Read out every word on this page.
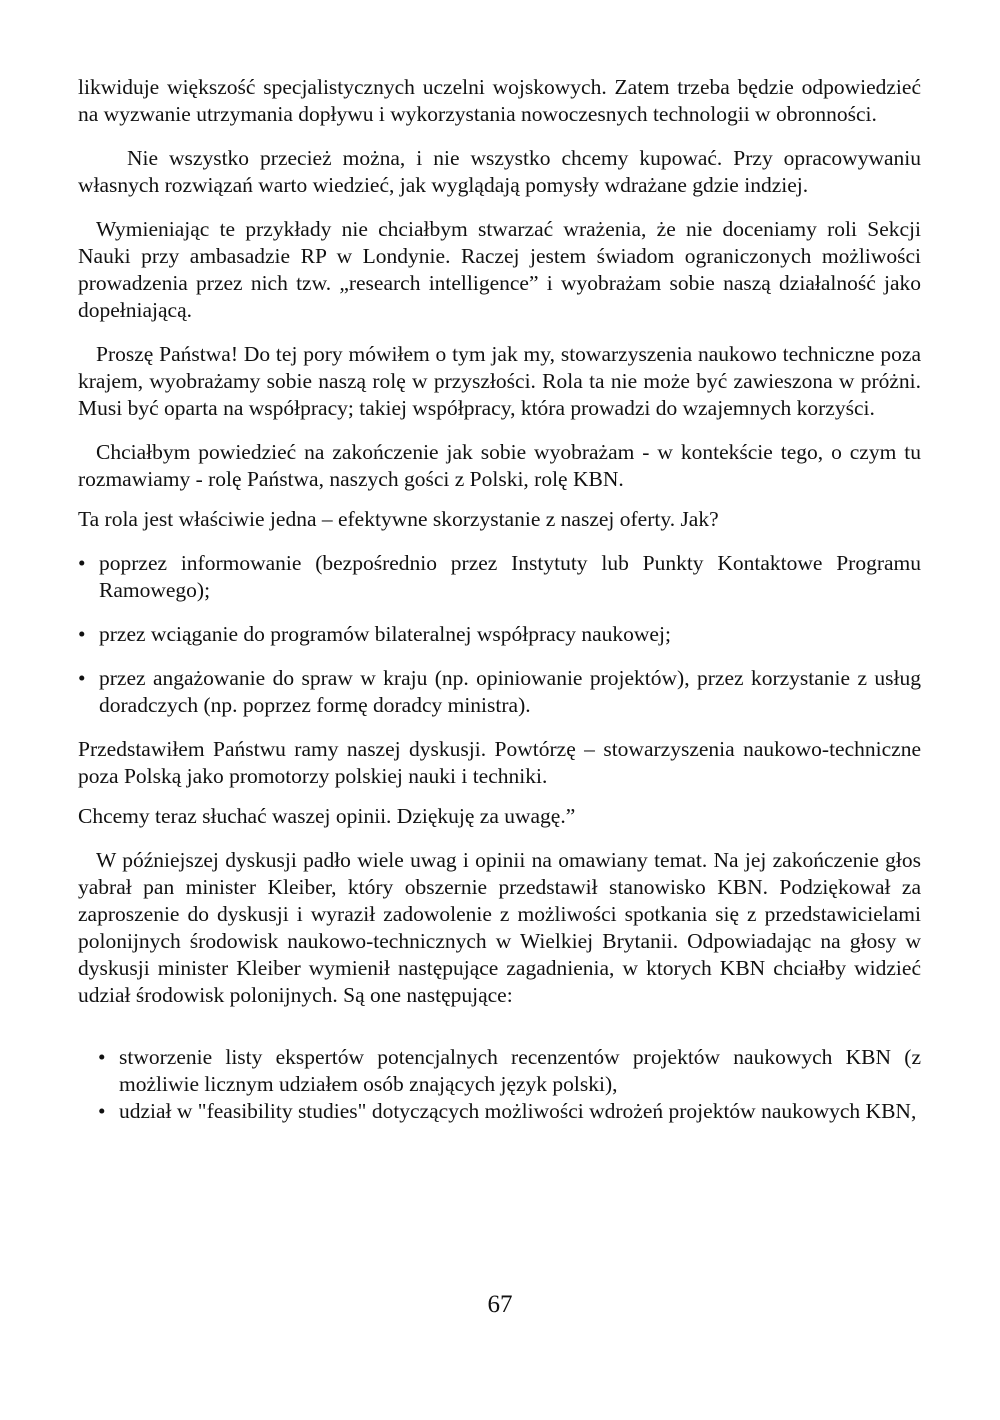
likwiduje większość specjalistycznych uczelni wojskowych. Zatem trzeba będzie odpowiedzieć na wyzwanie utrzymania dopływu i wykorzystania nowoczesnych technologii w obronności.

Nie wszystko przecież można, i nie wszystko chcemy kupować. Przy opracowywaniu własnych rozwiązań warto wiedzieć, jak wyglądają pomysły wdrażane gdzie indziej.

Wymieniając te przykłady nie chciałbym stwarzać wrażenia, że nie doceniamy roli Sekcji Nauki przy ambasadzie RP w Londynie. Raczej jestem świadom ograniczonych możliwości prowadzenia przez nich tzw. „research intelligence” i wyobrażam sobie naszą działalność jako dopełniającą.

Proszę Państwa! Do tej pory mówiłem o tym jak my, stowarzyszenia naukowo techniczne poza krajem, wyobrażamy sobie naszą rolę w przyszłości. Rola ta nie może być zawieszona w próżni. Musi być oparta na współpracy; takiej współpracy, która prowadzi do wzajemnych korzyści.

Chciałbym powiedzieć na zakończenie jak sobie wyobrażam - w kontekście tego, o czym tu rozmawiamy - rolę Państwa, naszych gości z Polski, rolę KBN.

Ta rola jest właściwie jedna – efektywne skorzystanie z naszej oferty. Jak?

• poprzez informowanie (bezpośrednio przez Instytuty lub Punkty Kontaktowe Programu Ramowego);
• przez wciąganie do programów bilateralnej współpracy naukowej;
• przez angażowanie do spraw w kraju (np. opiniowanie projektów), przez korzystanie z usług doradczych (np. poprzez formę doradcy ministra).

Przedstawiłem Państwu ramy naszej dyskusji. Powtórzę – stowarzyszenia naukowo-techniczne poza Polską jako promotorzy polskiej nauki i techniki.

Chcemy teraz słuchać waszej opinii. Dziękuję za uwagę.”

W późniejszej dyskusji padło wiele uwag i opinii na omawiany temat. Na jej zakończenie głos yabrał pan minister Kleiber, który obszernie przedstawił stanowisko KBN. Podziękował za zaproszenie do dyskusji i wyraził zadowolenie z możliwości spotkania się z przedstawicielami polonijnych środowisk naukowo-technicznych w Wielkiej Brytanii. Odpowiadając na głosy w dyskusji minister Kleiber wymienił następujące zagadnienia, w ktorych KBN chciałby widzieć udział środowisk polonijnych. Są one następujące:

• stworzenie listy ekspertów potencjalnych recenzentów projektów naukowych KBN (z możliwie licznym udziałem osób znających język polski),
• udział w "feasibility studies" dotyczących możliwości wdrożeń projektów naukowych KBN,
67
